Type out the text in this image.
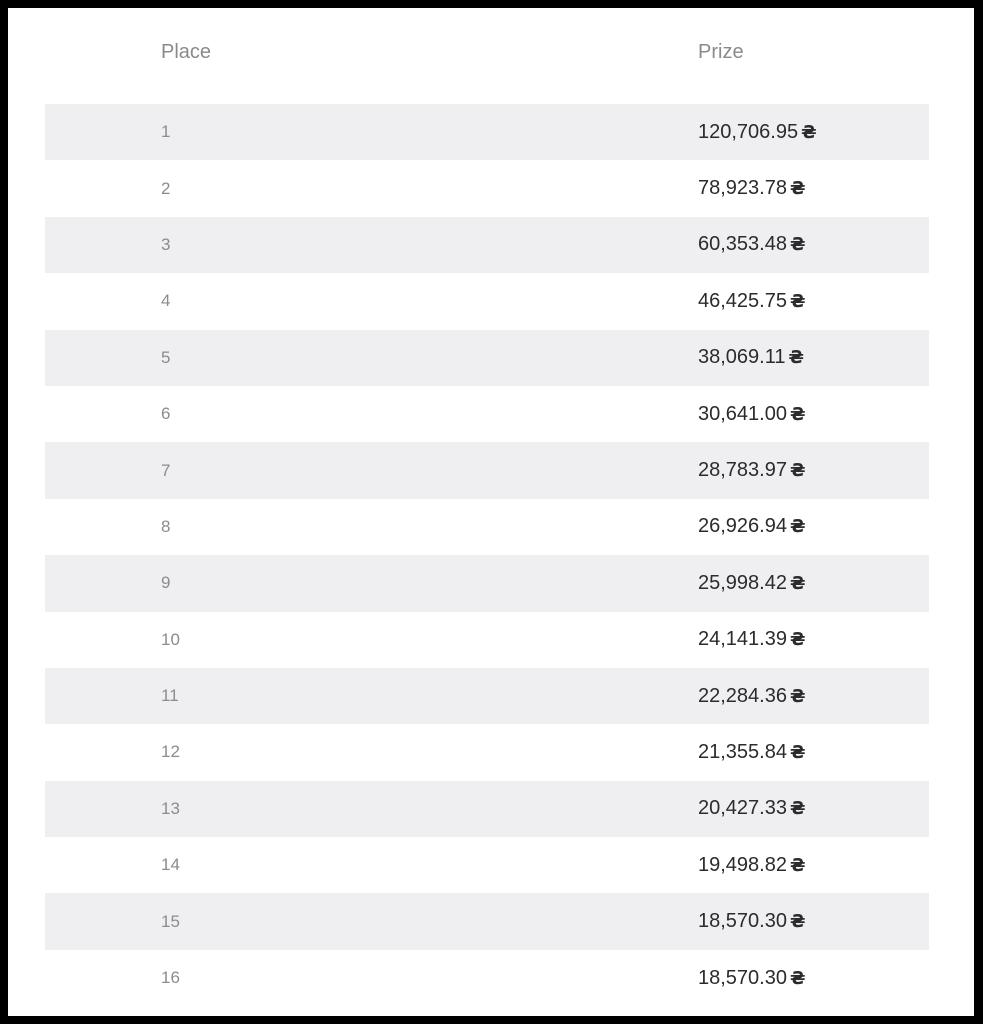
Place	Prize
1	120,706.95 ₴
2	78,923.78 ₴
3	60,353.48 ₴
4	46,425.75 ₴
5	38,069.11 ₴
6	30,641.00 ₴
7	28,783.97 ₴
8	26,926.94 ₴
9	25,998.42 ₴
10	24,141.39 ₴
11	22,284.36 ₴
12	21,355.84 ₴
13	20,427.33 ₴
14	19,498.82 ₴
15	18,570.30 ₴
16	18,570.30 ₴
